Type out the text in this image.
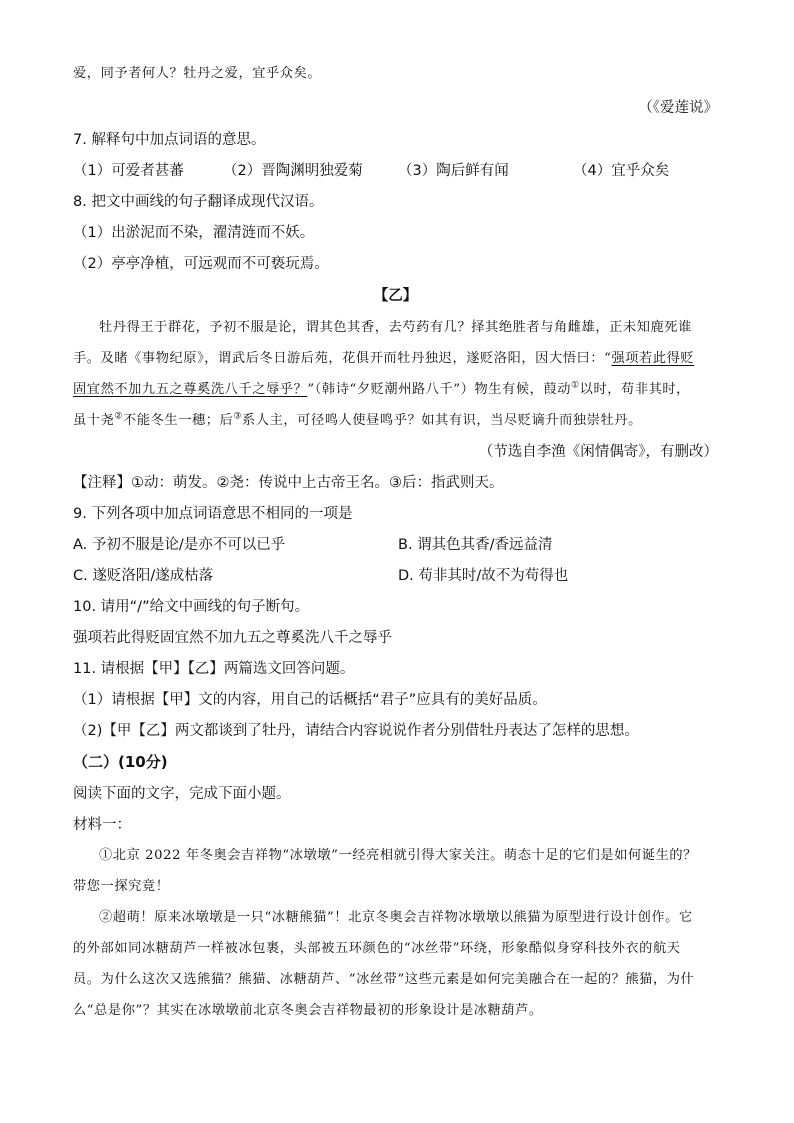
爱，同予者何人？牡丹之爱，宜乎众矣。
（《爱莲说》
7. 解释句中加点词语的意思。
（1）可爱者甚蕃	（2）晋陶渊明独爱菊 （3）陶后鲜有闻	（4）宜乎众矣
8. 把文中画线的句子翻译成现代汉语。
（1）出淤泥而不染，濯清涟而不妖。
（2）亭亭净植，可远观而不可亵玩焉。
【乙】
牡丹得王于群花，予初不服是论，谓其色其香，去芍药有几？择其绝胜者与角雌雄，正未知鹿死谁
手。及睹《事物纪原》，谓武后冬日游后苑，花俱开而牡丹独迟，遂贬洛阳，因大悟曰：“强项若此得贬
固宜然不加九五之尊奚洗八千之辱乎？”（韩诗“夕贬潮州路八千”）物生有候，葭动①以时，苟非其时，
虽十尧②不能冬生一穗；后③系人主，可径鸣人使昼鸣乎？如其有识，当尽贬谪升而独崇牡丹。
（节选自李渔《闲情偶寄》，有删改）
【注释】①动：萌发。②尧：传说中上古帝王名。③后：指武则天。
9. 下列各项中加点词语意思不相同的一项是
A. 予初不服是论/是亦不可以已乎	B. 谓其色其香/香远益清
C. 遂贬洛阳/遂成枯落	D. 苟非其时/故不为苟得也
10. 请用“/”给文中画线的句子断句。
强项若此得贬固宜然不加九五之尊奚洗八千之辱乎
11. 请根据【甲】【乙】两篇选文回答问题。
（1）请根据【甲】文的内容，用自己的话概括“君子”应具有的美好品质。
（2)【甲【乙】两文都谈到了牡丹，请结合内容说说作者分别借牡丹表达了怎样的思想。
（二）(10分)
阅读下面的文字，完成下面小题。
材料一：
①北京 2022 年冬奥会吉祥物“冰墩墩”一经亮相就引得大家关注。萌态十足的它们是如何诞生的？
带您一探究竟！
②超萌！原来冰墩墩是一只“冰糖熊猫”！北京冬奥会吉祥物冰墩墩以熊猫为原型进行设计创作。它
的外部如同冰糖葫芦一样被冰包裹，头部被五环颜色的“冰丝带”环绕，形象酷似身穿科技外衣的航天
员。为什么这次又选熊猫？熊猫、冰糖葫芦、“冰丝带”这些元素是如何完美融合在一起的？熊猫，为什
么“总是你”？其实在冰墩墩前北京冬奥会吉祥物最初的形象设计是冰糖葫芦。
